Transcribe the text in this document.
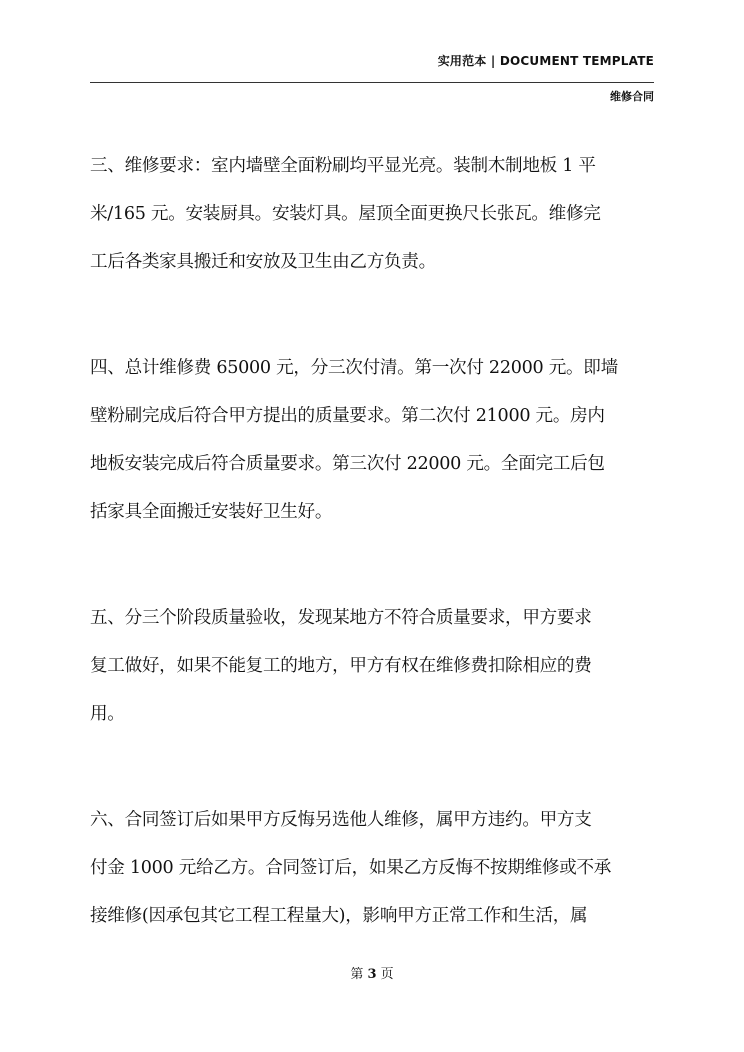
实用范本 | DOCUMENT TEMPLATE
维修合同
三、维修要求：室内墙壁全面粉刷均平显光亮。装制木制地板 1 平
米/165 元。安装厨具。安装灯具。屋顶全面更换尺长张瓦。维修完
工后各类家具搬迁和安放及卫生由乙方负责。
四、总计维修费 65000 元，分三次付清。第一次付 22000 元。即墙
壁粉刷完成后符合甲方提出的质量要求。第二次付 21000 元。房内
地板安装完成后符合质量要求。第三次付 22000 元。全面完工后包
括家具全面搬迁安装好卫生好。
五、分三个阶段质量验收，发现某地方不符合质量要求，甲方要求
复工做好，如果不能复工的地方，甲方有权在维修费扣除相应的费
用。
六、合同签订后如果甲方反悔另选他人维修，属甲方违约。甲方支
付金 1000 元给乙方。合同签订后，如果乙方反悔不按期维修或不承
接维修(因承包其它工程工程量大)，影响甲方正常工作和生活，属
第 3 页
